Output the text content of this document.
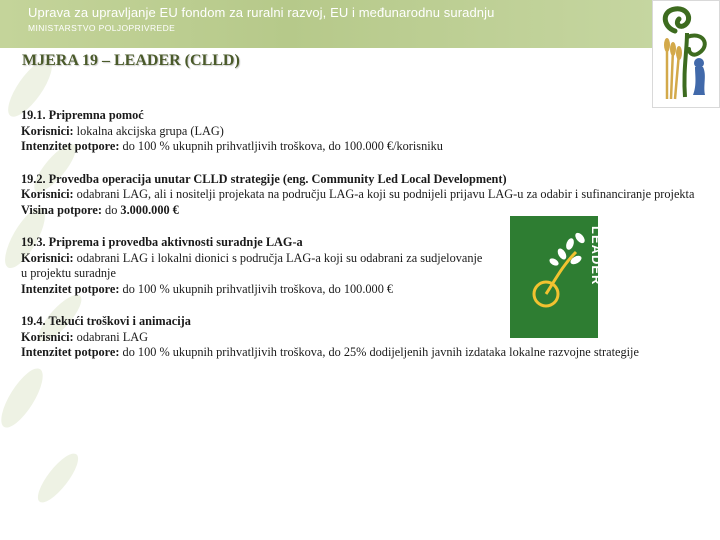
Uprava za upravljanje EU fondom za ruralni razvoj, EU i međunarodnu suradnju
MINISTARSTVO POLJOPRIVREDE
MJERA 19 – LEADER (CLLD)

19.1. Pripremna pomoć

Korisnici: lokalna akcijska grupa (LAG)

Intenzitet potpore: do 100 % ukupnih prihvatljivih troškova, do 100.000 €/korisniku

19.2. Provedba operacija unutar CLLD strategije (eng. Community Led Local Development)

Korisnici: odabrani LAG, ali i nositelji projekata na području LAG-a koji su podnijeli prijavu LAG-u za odabir i sufinanciranje projekta

Visina potpore: do 3.000.000 €

19.3. Priprema i provedba aktivnosti suradnje LAG-a

Korisnici: odabrani LAG i lokalni dionici s područja LAG-a koji su odabrani za sudjelovanje u projektu suradnje

Intenzitet potpore: do 100 % ukupnih prihvatljivih troškova, do 100.000 €

19.4. Tekući troškovi i animacija

Korisnici: odabrani LAG

Intenzitet potpore: do 100 % ukupnih prihvatljivih troškova, do 25% dodijeljenih javnih izdataka lokalne razvojne strategije

LEADER
